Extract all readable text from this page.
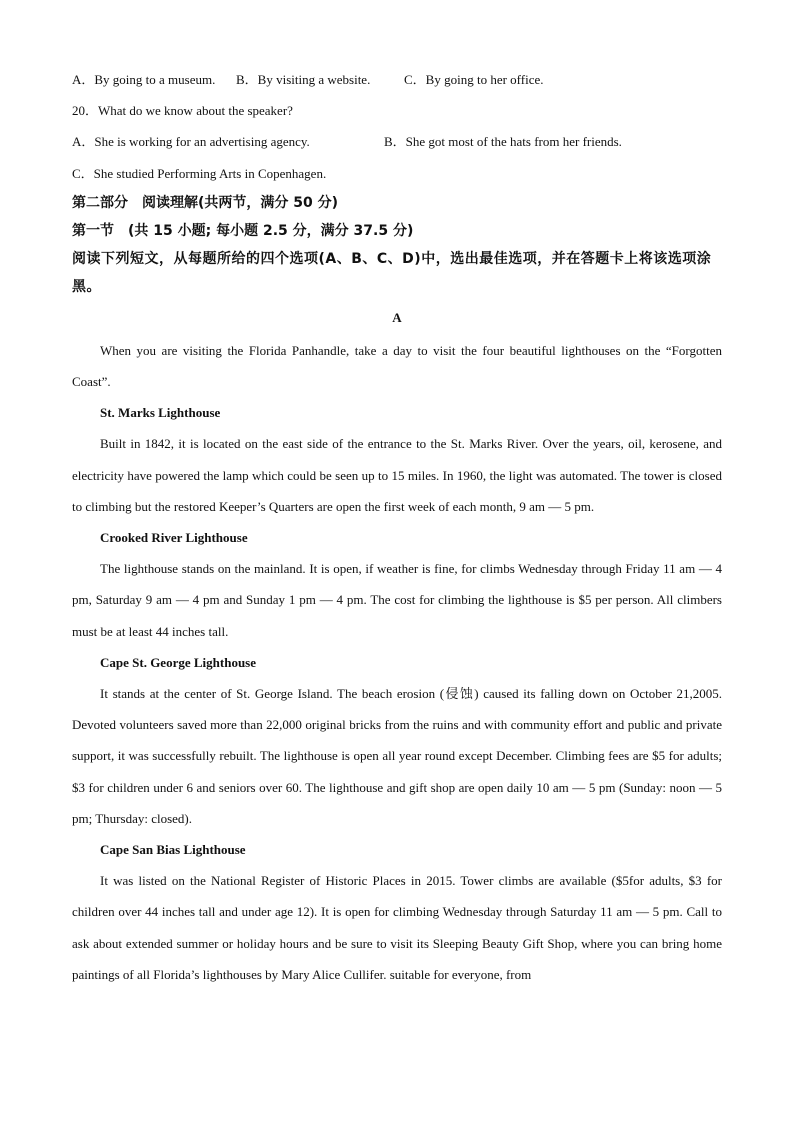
A．By going to a museum.	B．By visiting a website.	C．By going to her office.
20．What do we know about the speaker?
A．She is working for an advertising agency.	B．She got most of the hats from her friends.
C．She studied Performing Arts in Copenhagen.
第二部分　阅读理解(共两节，满分 50 分)
第一节　(共 15 小题; 每小题 2.5 分，满分 37.5 分)
阅读下列短文，从每题所给的四个选项(A、B、C、D)中，选出最佳选项，并在答题卡上将该选项涂黑。
A

When you are visiting the Florida Panhandle, take a day to visit the four beautiful lighthouses on the “Forgotten Coast”.

St. Marks Lighthouse

Built in 1842, it is located on the east side of the entrance to the St. Marks River. Over the years, oil, kerosene, and electricity have powered the lamp which could be seen up to 15 miles. In 1960, the light was automated. The tower is closed to climbing but the restored Keeper’s Quarters are open the first week of each month, 9 am — 5 pm.

Crooked River Lighthouse

The lighthouse stands on the mainland. It is open, if weather is fine, for climbs Wednesday through Friday 11 am — 4 pm, Saturday 9 am — 4 pm and Sunday 1 pm — 4 pm. The cost for climbing the lighthouse is $5 per person. All climbers must be at least 44 inches tall.

Cape St. George Lighthouse

It stands at the center of St. George Island. The beach erosion (侵蚀) caused its falling down on October 21,2005. Devoted volunteers saved more than 22,000 original bricks from the ruins and with community effort and public and private support, it was successfully rebuilt. The lighthouse is open all year round except December. Climbing fees are $5 for adults; $3 for children under 6 and seniors over 60. The lighthouse and gift shop are open daily 10 am — 5 pm (Sunday: noon — 5 pm; Thursday: closed).

Cape San Bias Lighthouse

It was listed on the National Register of Historic Places in 2015. Tower climbs are available ($5for adults, $3 for children over 44 inches tall and under age 12). It is open for climbing Wednesday through Saturday 11 am — 5 pm. Call to ask about extended summer or holiday hours and be sure to visit its Sleeping Beauty Gift Shop, where you can bring home paintings of all Florida’s lighthouses by Mary Alice Cullifer. suitable for everyone, from
